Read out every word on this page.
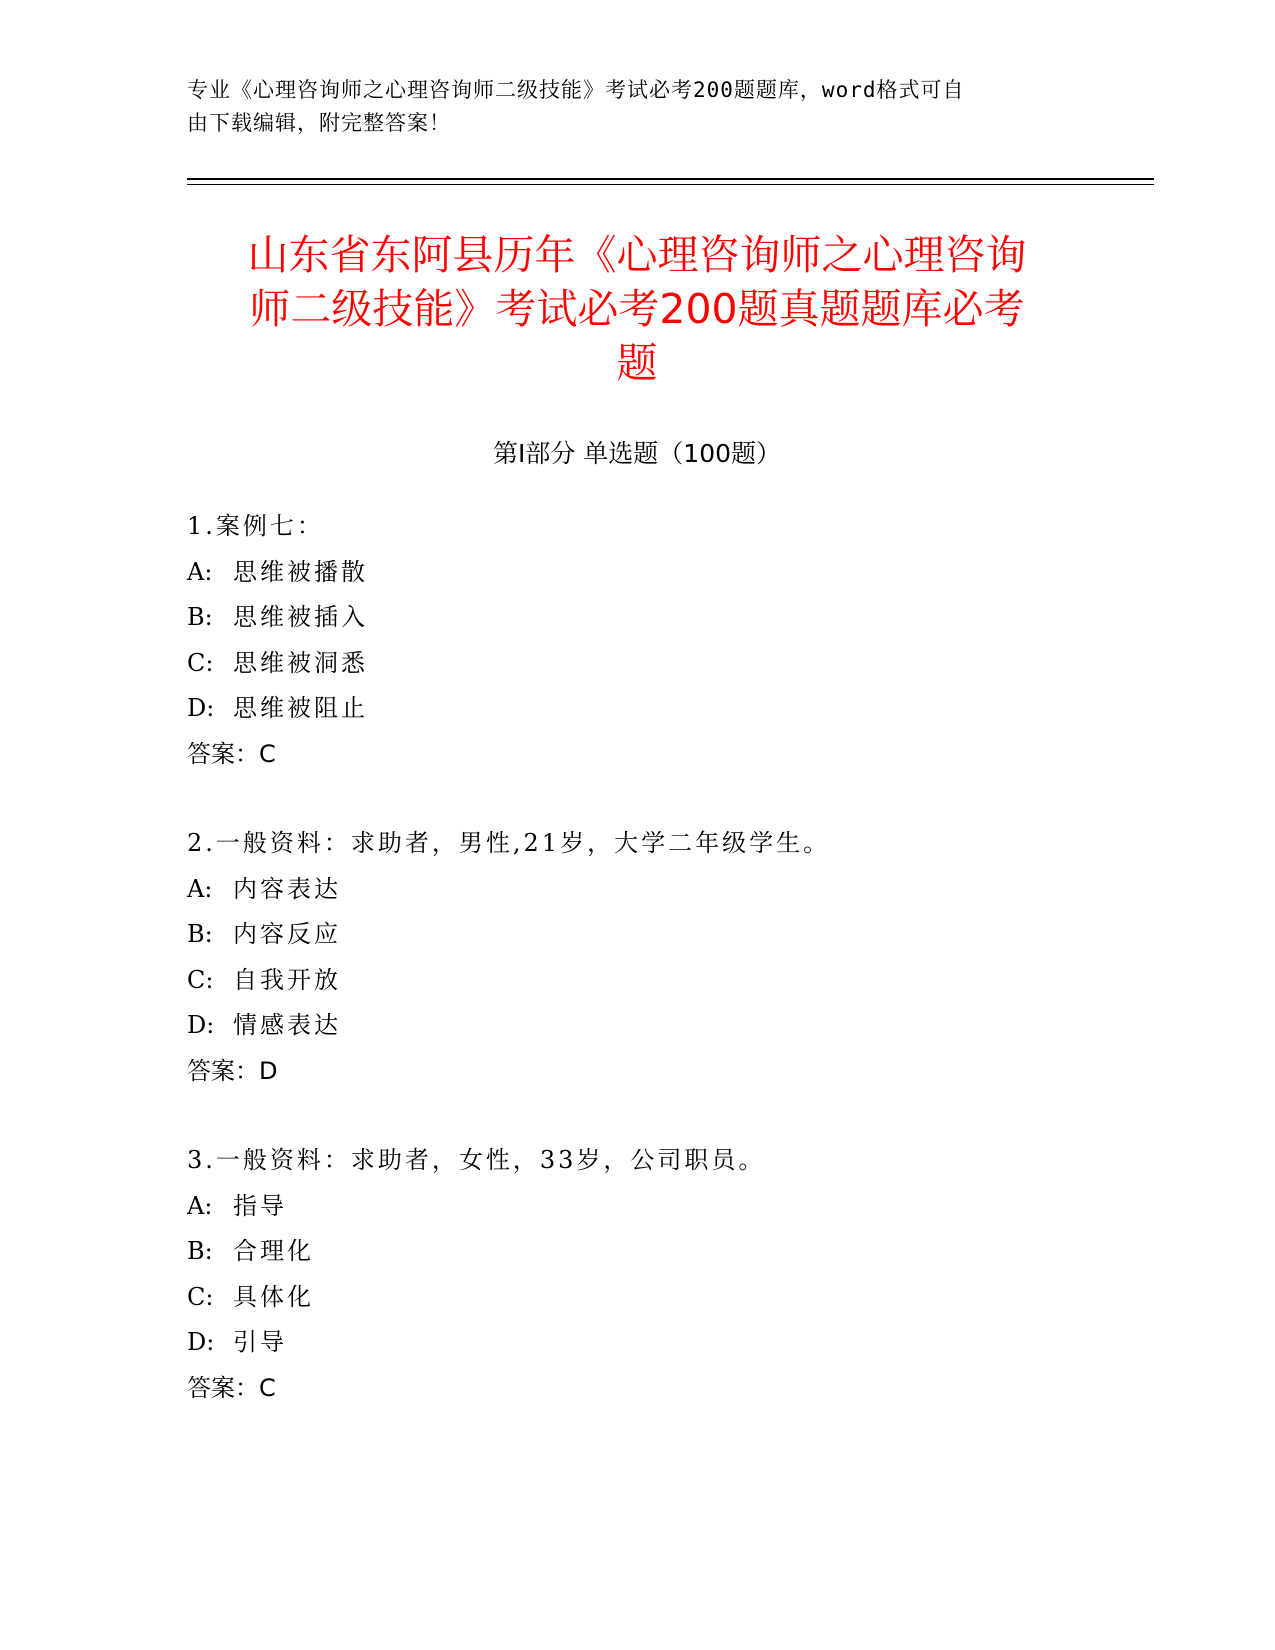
专业《心理咨询师之心理咨询师二级技能》考试必考200题题库，word格式可自
由下载编辑，附完整答案！
山东省东阿县历年《心理咨询师之心理咨询
师二级技能》考试必考200题真题题库必考
题
第Ⅰ部分 单选题（100题）
1.案例七：
A: 思维被播散
B: 思维被插入
C: 思维被洞悉
D: 思维被阻止
答案：C
2.一般资料：求助者，男性,21岁，大学二年级学生。
A: 内容表达
B: 内容反应
C: 自我开放
D: 情感表达
答案：D
3.一般资料：求助者，女性，33岁，公司职员。
A: 指导
B: 合理化
C: 具体化
D: 引导
答案：C
